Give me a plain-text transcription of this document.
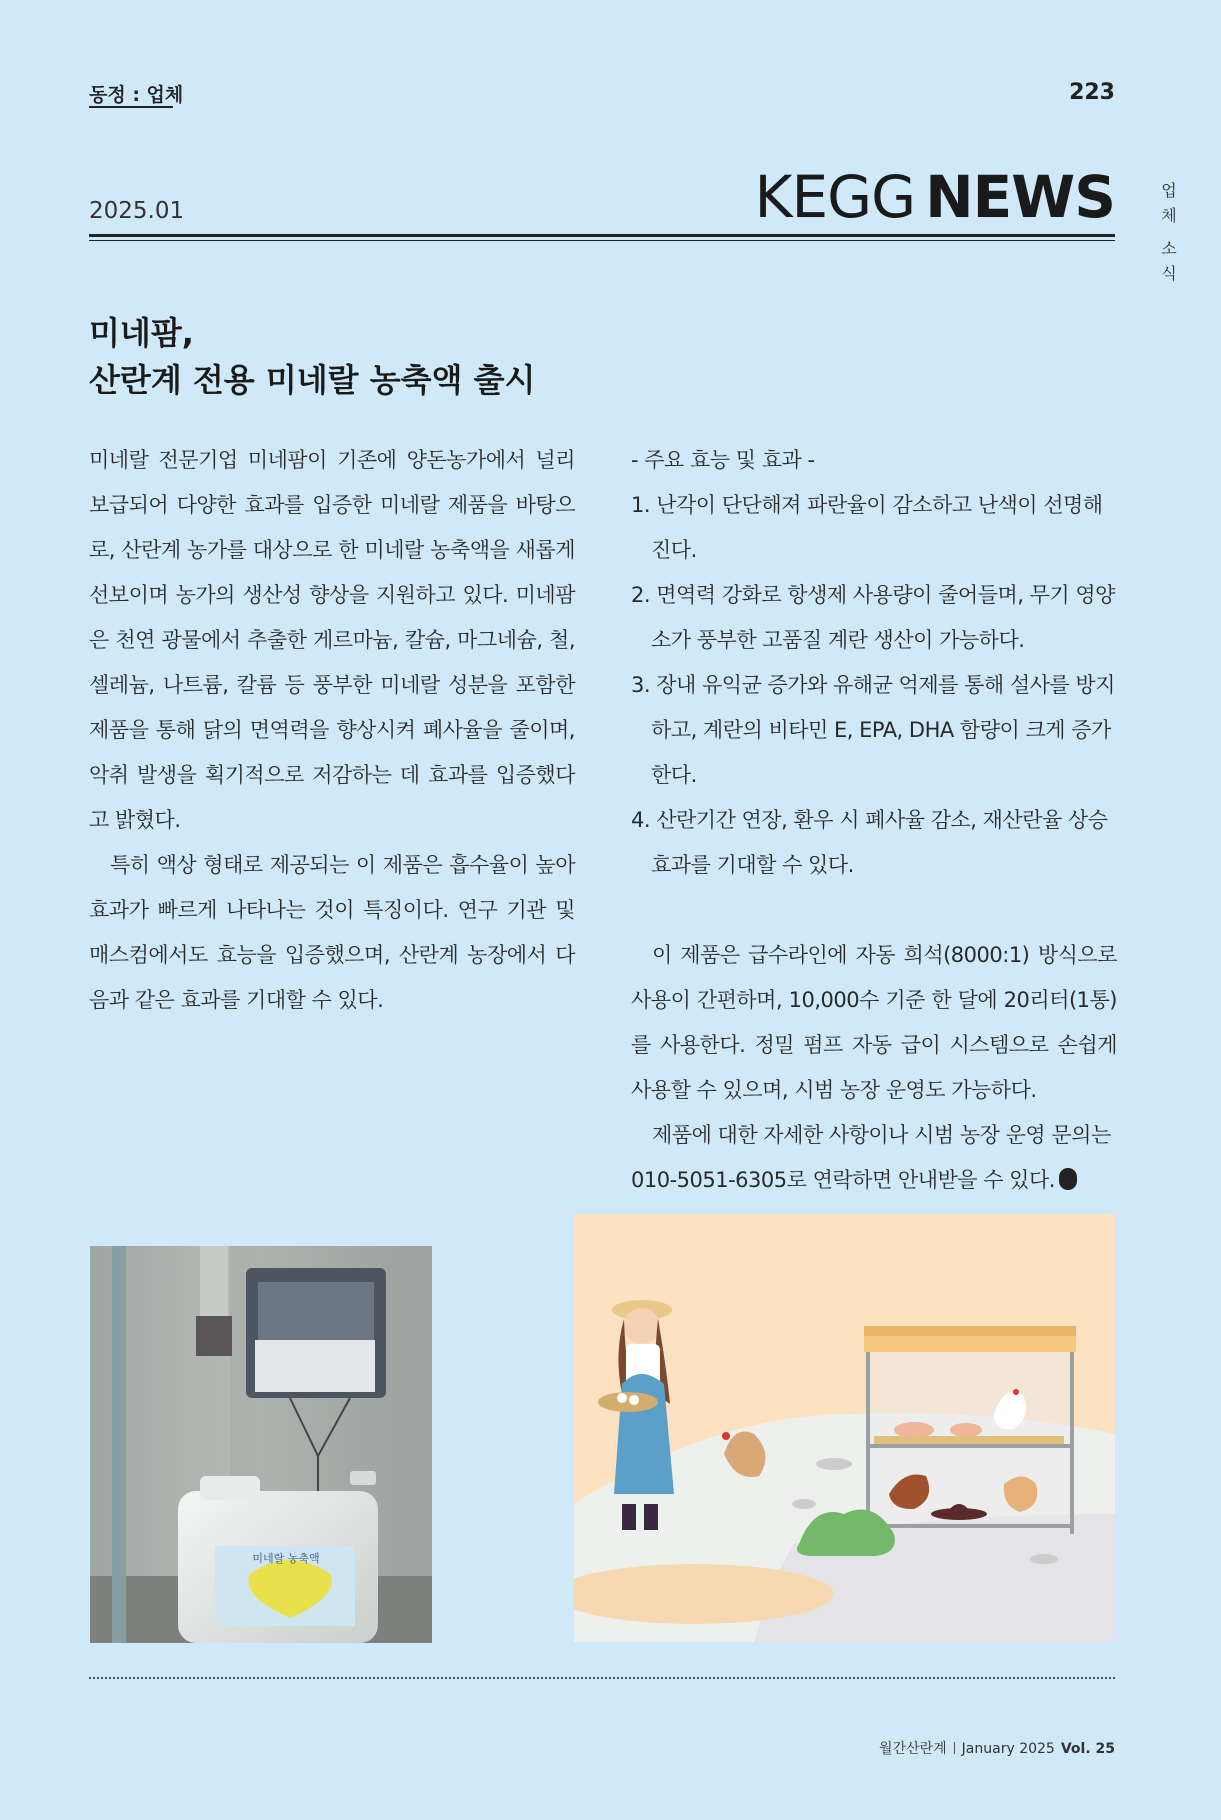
동정 : 업체	223
2025.01	KEGG NEWS	업
체
소
식
미네팜,
산란계 전용 미네랄 농축액 출시

미네랄 전문기업 미네팜이 기존에 양돈농가에서 널리 보급되어 다양한 효과를 입증한 미네랄 제품을 바탕으로, 산란계 농가를 대상으로 한 미네랄 농축액을 새롭게 선보이며 농가의 생산성 향상을 지원하고 있다. 미네팜은 천연 광물에서 추출한 게르마늄, 칼슘, 마그네슘, 철, 셀레늄, 나트륨, 칼륨 등 풍부한 미네랄 성분을 포함한 제품을 통해 닭의 면역력을 향상시켜 폐사율을 줄이며, 악취 발생을 획기적으로 저감하는 데 효과를 입증했다고 밝혔다.

특히 액상 형태로 제공되는 이 제품은 흡수율이 높아 효과가 빠르게 나타나는 것이 특징이다. 연구 기관 및 매스컴에서도 효능을 입증했으며, 산란계 농장에서 다음과 같은 효과를 기대할 수 있다.

- 주요 효능 및 효과 -

1. 난각이 단단해져 파란율이 감소하고 난색이 선명해진다.

2. 면역력 강화로 항생제 사용량이 줄어들며, 무기 영양소가 풍부한 고품질 계란 생산이 가능하다.

3. 장내 유익균 증가와 유해균 억제를 통해 설사를 방지하고, 계란의 비타민 E, EPA, DHA 함량이 크게 증가한다.

4. 산란기간 연장, 환우 시 폐사율 감소, 재산란율 상승 효과를 기대할 수 있다.

이 제품은 급수라인에 자동 희석(8000:1) 방식으로 사용이 간편하며, 10,000수 기준 한 달에 20리터(1통)를 사용한다. 정밀 펌프 자동 급이 시스템으로 손쉽게 사용할 수 있으며, 시범 농장 운영도 가능하다.

제품에 대한 자세한 사항이나 시범 농장 운영 문의는 010-5051-6305로 연락하면 안내받을 수 있다.

미네랄 농축액
월간산란계 January 2025 Vol. 25
